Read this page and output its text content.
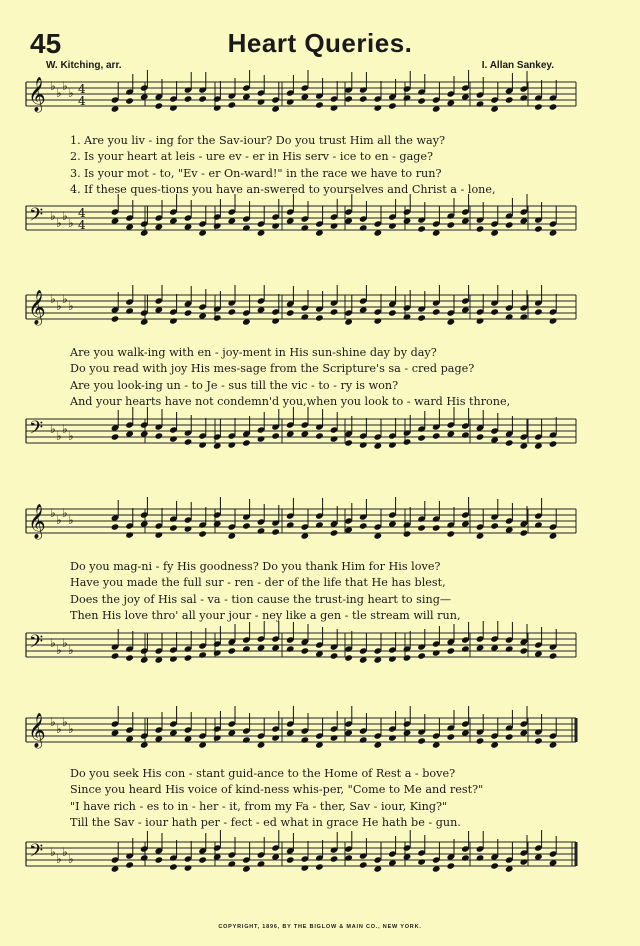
45	Heart Queries.
W. Kitching, arr.	I. Allan Sankey.
𝄞
𝄢
♭
♭
♭
♭
♭
♭
♭
♭
4
4
4
4
1. Are you liv - ing for the Sav-iour? Do you trust Him all the way?
2. Is your heart at leis - ure ev - er in His serv - ice to en - gage?
3. Is your mot - to, "Ev - er On-ward!" in the race we have to run?
4. If these ques-tions you have an-swered to yourselves and Christ a - lone,
𝄞
𝄢
♭
♭
♭
♭
♭
♭
♭
♭
Are you walk-ing with en - joy-ment in His sun-shine day by day?
Do you read with joy His mes-sage from the Scripture's sa - cred page?
Are you look-ing un - to Je - sus till the vic - to - ry is won?
And your hearts have not condemn'd you,when you look to - ward His throne,
𝄞
𝄢
♭
♭
♭
♭
♭
♭
♭
♭
Do you mag-ni - fy His goodness? Do you thank Him for His love?
Have you made the full sur - ren - der of the life that He has blest,
Does the joy of His sal - va - tion cause the trust-ing heart to sing—
Then His love thro' all your jour - ney like a gen - tle stream will run,
𝄞
𝄢
♭
♭
♭
♭
♭
♭
♭
♭
Do you seek His con - stant guid-ance to the Home of Rest a - bove?
Since you heard His voice of kind-ness whis-per, "Come to Me and rest?"
"I have rich - es to in - her - it, from my Fa - ther, Sav - iour, King?"
Till the Sav - iour hath per - fect - ed what in grace He hath be - gun.
COPYRIGHT, 1896, BY THE BIGLOW & MAIN CO., NEW YORK.
